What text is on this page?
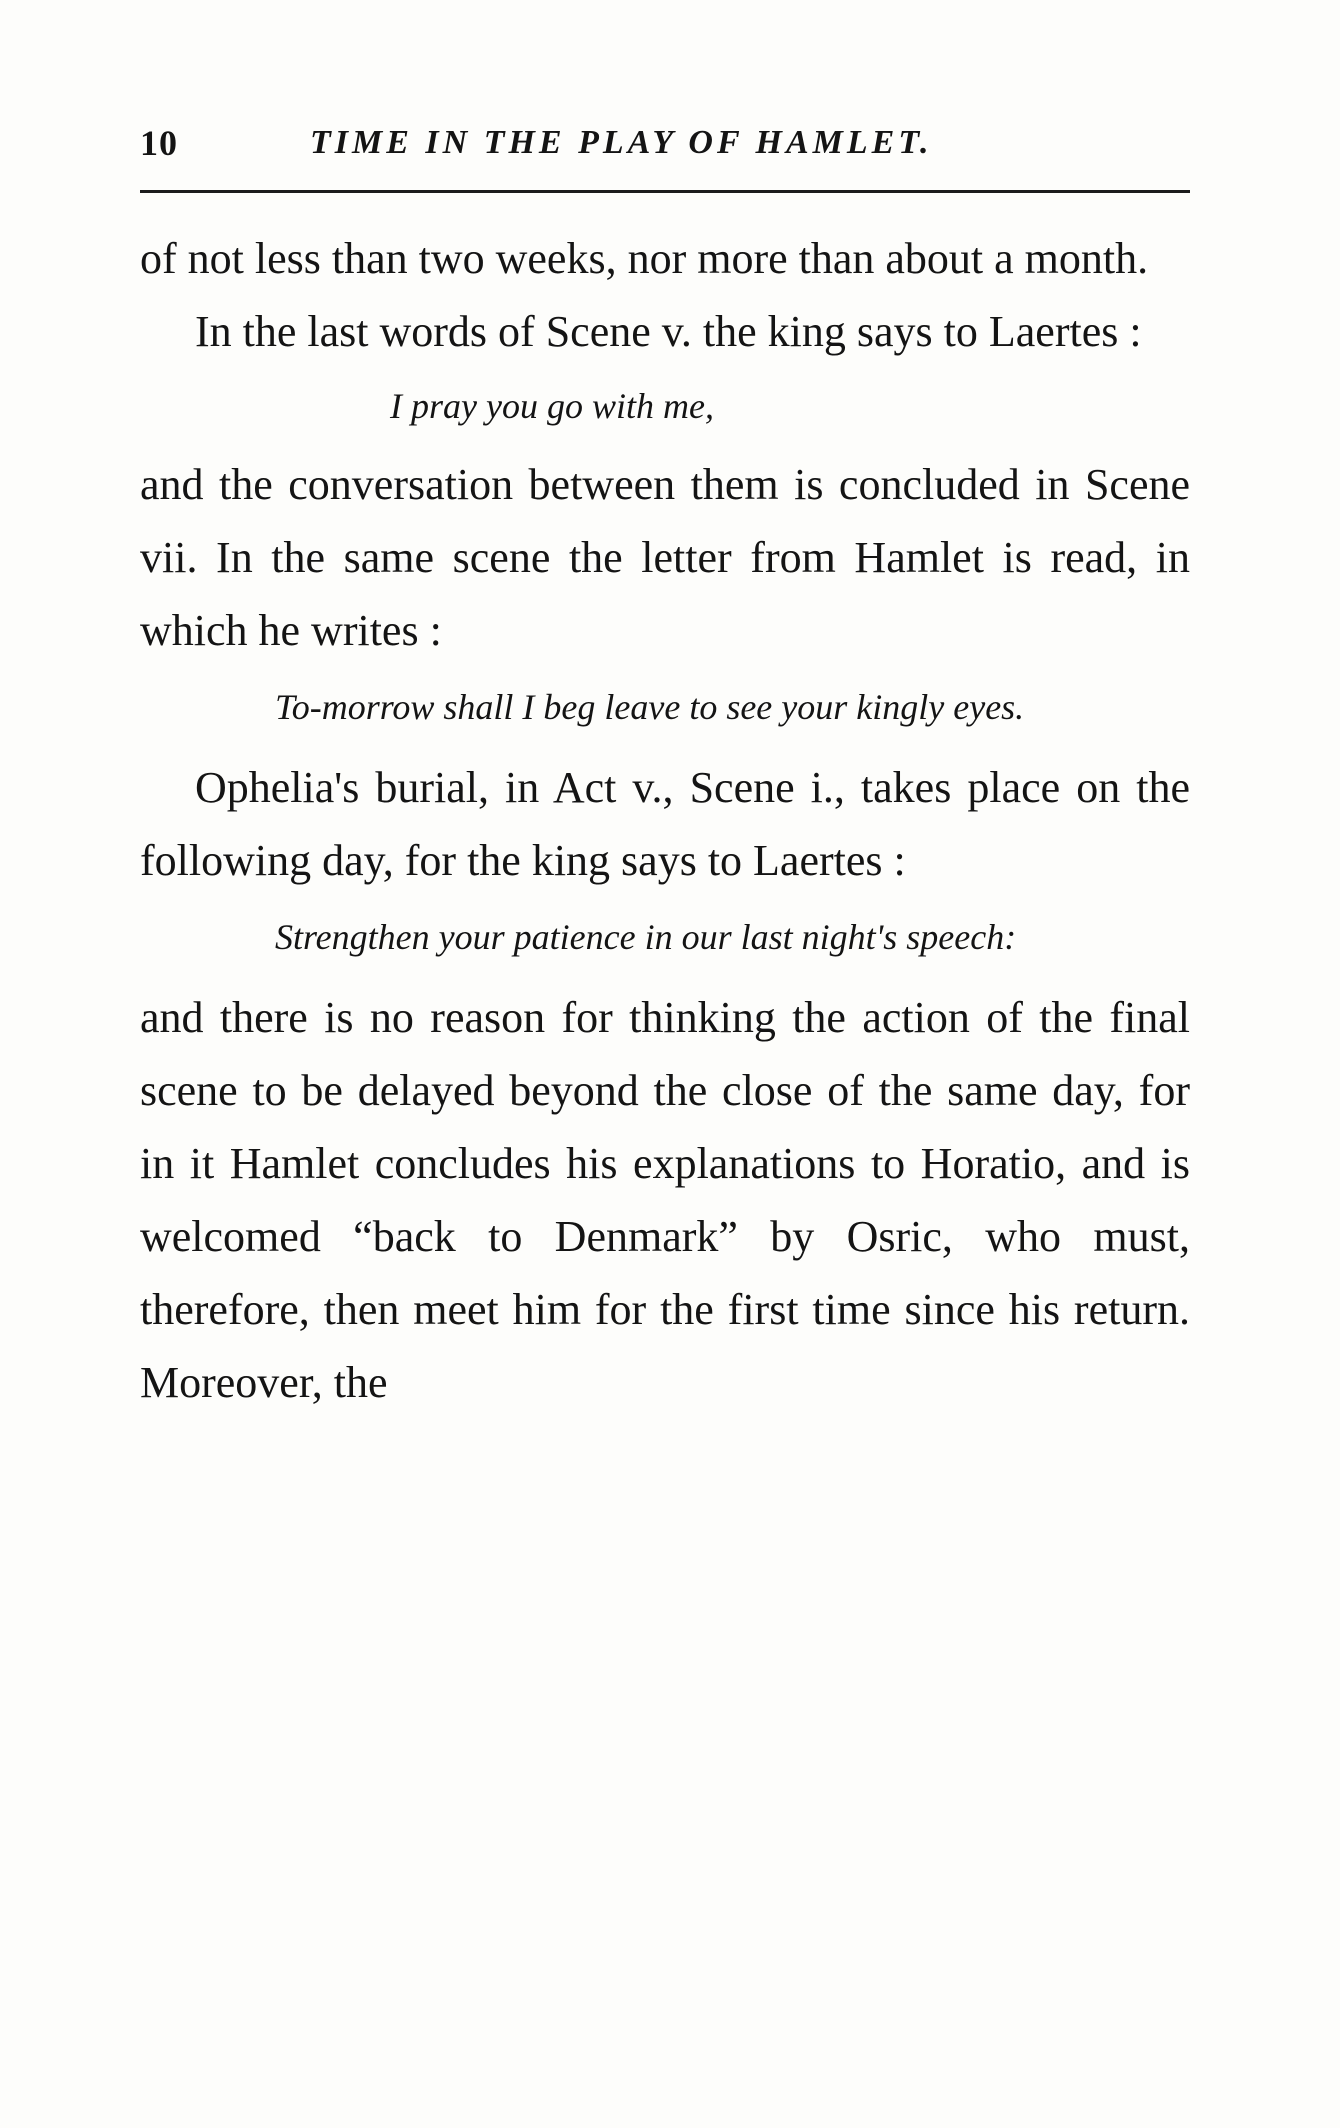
10	TIME IN THE PLAY OF HAMLET.

of not less than two weeks, nor more than about a month.

In the last words of Scene v. the king says to Laertes :

I pray you go with me,

and the conversation between them is concluded in Scene vii. In the same scene the letter from Hamlet is read, in which he writes :

To-morrow shall I beg leave to see your kingly eyes.

Ophelia's burial, in Act v., Scene i., takes place on the following day, for the king says to Laertes :

Strengthen your patience in our last night's speech:

and there is no reason for thinking the action of the final scene to be delayed beyond the close of the same day, for in it Hamlet concludes his explanations to Horatio, and is welcomed “back to Denmark” by Osric, who must, therefore, then meet him for the first time since his return. Moreover, the
